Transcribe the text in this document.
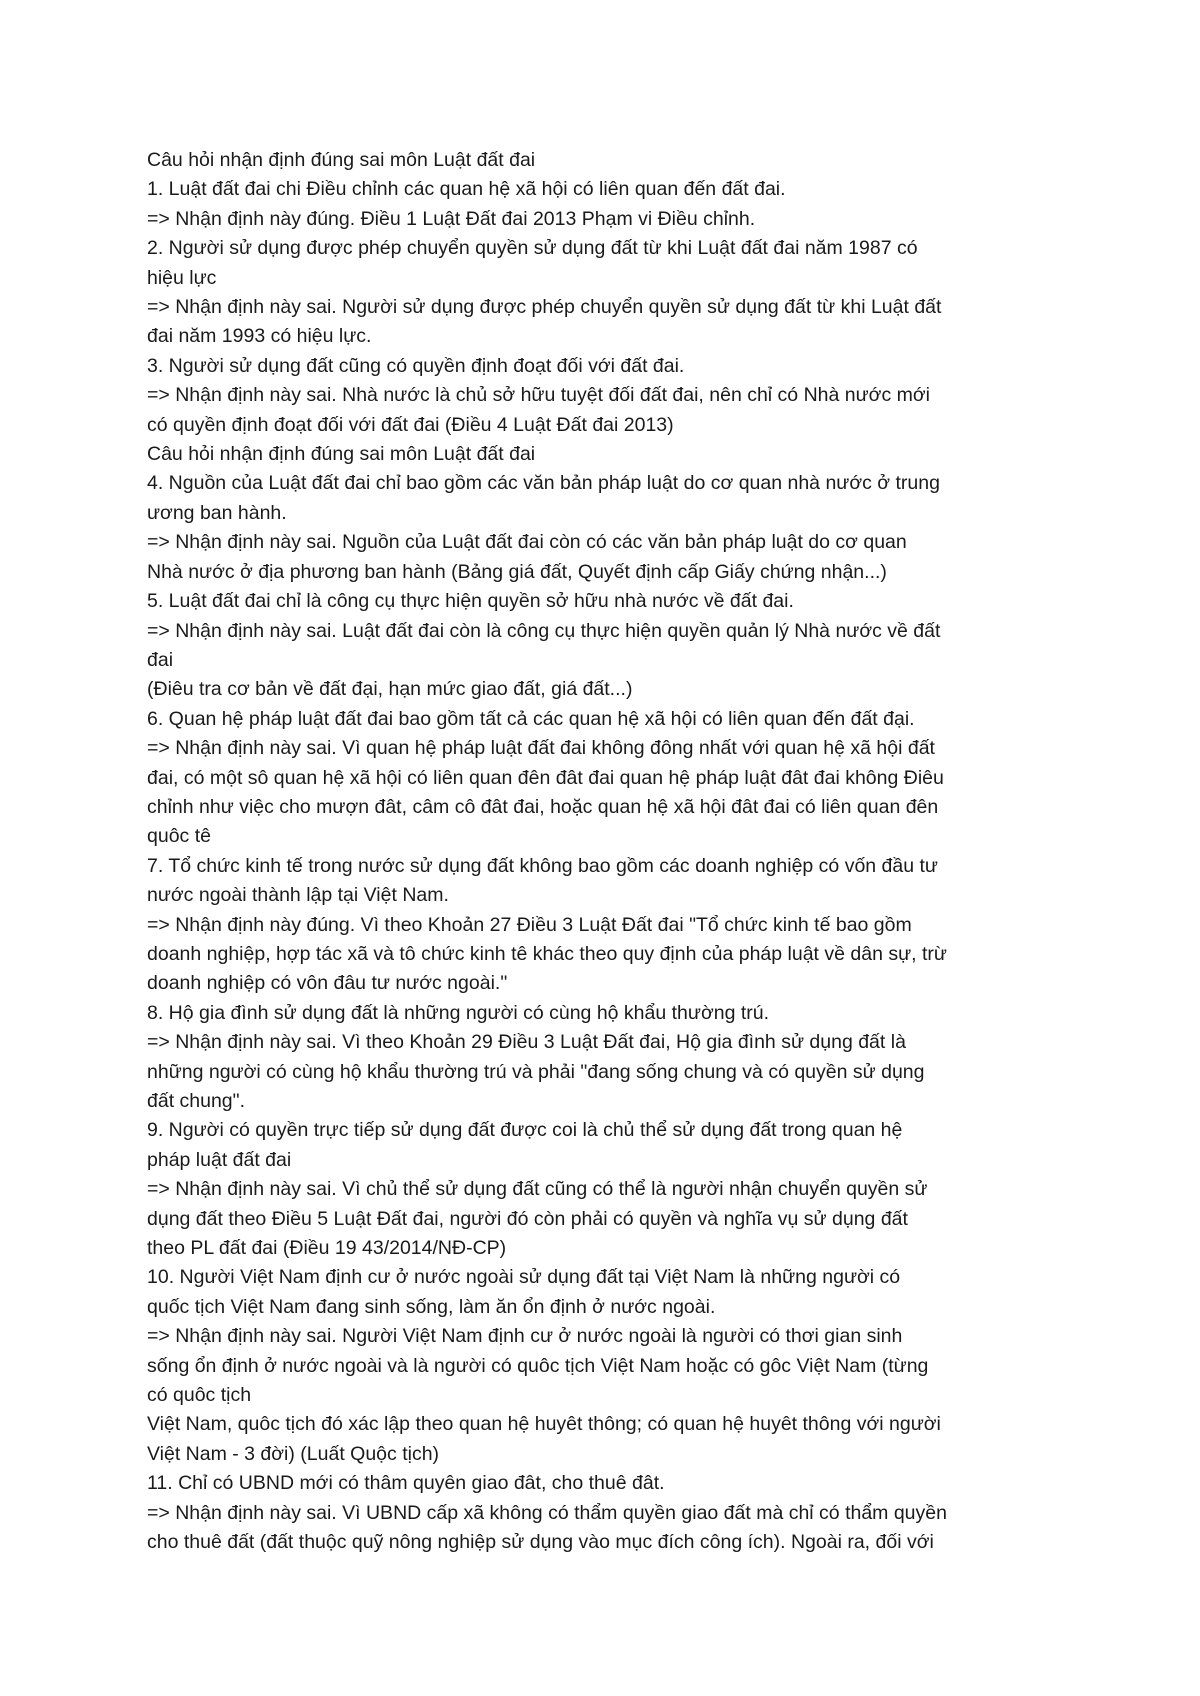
Câu hỏi nhận định đúng sai môn Luật đất đai
1. Luật đất đai chi Điều chỉnh các quan hệ xã hội có liên quan đến đất đai.
=> Nhận định này đúng. Điều 1 Luật Đất đai 2013 Phạm vi Điều chỉnh.
2. Người sử dụng được phép chuyển quyền sử dụng đất từ khi Luật đất đai năm 1987 có
hiệu lực
=> Nhận định này sai. Người sử dụng được phép chuyển quyền sử dụng đất từ khi Luật đất
đai năm 1993 có hiệu lực.
3. Người sử dụng đất cũng có quyền định đoạt đối với đất đai.
=> Nhận định này sai. Nhà nước là chủ sở hữu tuyệt đối đất đai, nên chỉ có Nhà nước mới
có quyền định đoạt đối với đất đai (Điều 4 Luật Đất đai 2013)
Câu hỏi nhận định đúng sai môn Luật đất đai
4. Nguồn của Luật đất đai chỉ bao gồm các văn bản pháp luật do cơ quan nhà nước ở trung
ương ban hành.
=> Nhận định này sai. Nguồn của Luật đất đai còn có các văn bản pháp luật do cơ quan
Nhà nước ở địa phương ban hành (Bảng giá đất, Quyết định cấp Giấy chứng nhận...)
5. Luật đất đai chỉ là công cụ thực hiện quyền sở hữu nhà nước về đất đai.
=> Nhận định này sai. Luật đất đai còn là công cụ thực hiện quyền quản lý Nhà nước về đất
đai
(Điêu tra cơ bản về đất đại, hạn mức giao đất, giá đất...)
6. Quan hệ pháp luật đất đai bao gồm tất cả các quan hệ xã hội có liên quan đến đất đại.
=> Nhận định này sai. Vì quan hệ pháp luật đất đai không đông nhất với quan hệ xã hội đất
đai, có một sô quan hệ xã hội có liên quan đên đât đai quan hệ pháp luật đât đai không Điêu
chỉnh như việc cho mượn đât, câm cô đât đai, hoặc quan hệ xã hội đât đai có liên quan đên
quôc tê
7. Tổ chức kinh tế trong nước sử dụng đất không bao gồm các doanh nghiệp có vốn đầu tư
nước ngoài thành lập tại Việt Nam.
=> Nhận định này đúng. Vì theo Khoản 27 Điều 3 Luật Đất đai "Tổ chức kinh tế bao gồm
doanh nghiệp, hợp tác xã và tô chức kinh tê khác theo quy định của pháp luật về dân sự, trừ
doanh nghiệp có vôn đâu tư nước ngoài."
8. Hộ gia đình sử dụng đất là những người có cùng hộ khẩu thường trú.
=> Nhận định này sai. Vì theo Khoản 29 Điều 3 Luật Đất đai, Hộ gia đình sử dụng đất là
những người có cùng hộ khẩu thường trú và phải "đang sống chung và có quyền sử dụng
đất chung".
9. Người có quyền trực tiếp sử dụng đất được coi là chủ thể sử dụng đất trong quan hệ
pháp luật đất đai
=> Nhận định này sai. Vì chủ thể sử dụng đất cũng có thể là người nhận chuyển quyền sử
dụng đất theo Điều 5 Luật Đất đai, người đó còn phải có quyền và nghĩa vụ sử dụng đất
theo PL đất đai (Điều 19 43/2014/NĐ-CP)
10. Người Việt Nam định cư ở nước ngoài sử dụng đất tại Việt Nam là những người có
quốc tịch Việt Nam đang sinh sống, làm ăn ổn định ở nước ngoài.
=> Nhận định này sai. Người Việt Nam định cư ở nước ngoài là người có thơi gian sinh
sống ổn định ở nước ngoài và là người có quôc tịch Việt Nam hoặc có gôc Việt Nam (từng
có quôc tịch
Việt Nam, quôc tịch đó xác lập theo quan hệ huyêt thông; có quan hệ huyêt thông với người
Việt Nam - 3 đời) (Luất Quộc tịch)
11. Chỉ có UBND mới có thâm quyên giao đât, cho thuê đât.
=> Nhận định này sai. Vì UBND cấp xã không có thẩm quyền giao đất mà chỉ có thẩm quyền
cho thuê đất (đất thuộc quỹ nông nghiệp sử dụng vào mục đích công ích). Ngoài ra, đối với
